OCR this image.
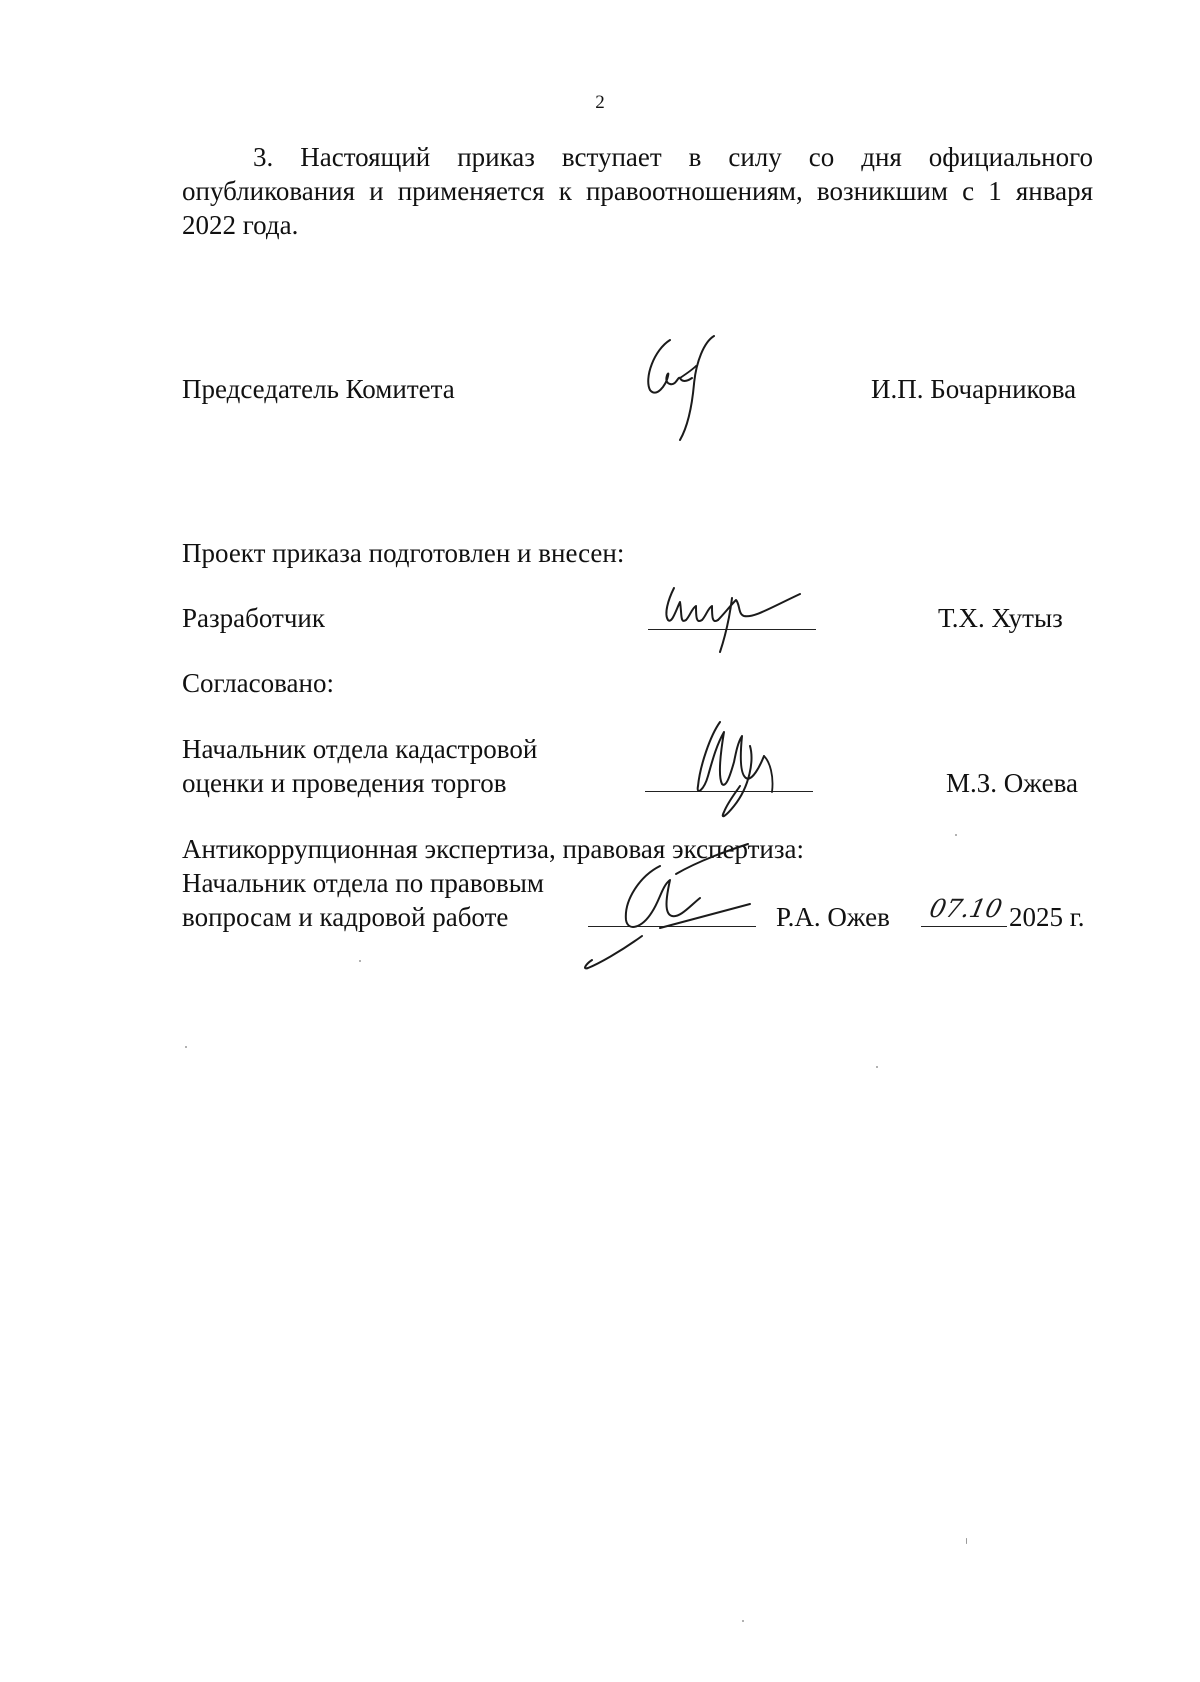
2
3. Настоящий приказ вступает в силу со дня официального
опубликования и применяется к правоотношениям, возникшим с 1 января
2022 года.
Председатель Комитета	И.П. Бочарникова
Проект приказа подготовлен и внесен:
Разработчик	Т.Х. Хутыз
Согласовано:
Начальник отдела кадастровой
оценки и проведения торгов	М.З. Ожева
Антикоррупционная экспертиза, правовая экспертиза:
Начальник отдела по правовым
вопросам и кадровой работе	Р.А. Ожев 07.10 2025 г.
